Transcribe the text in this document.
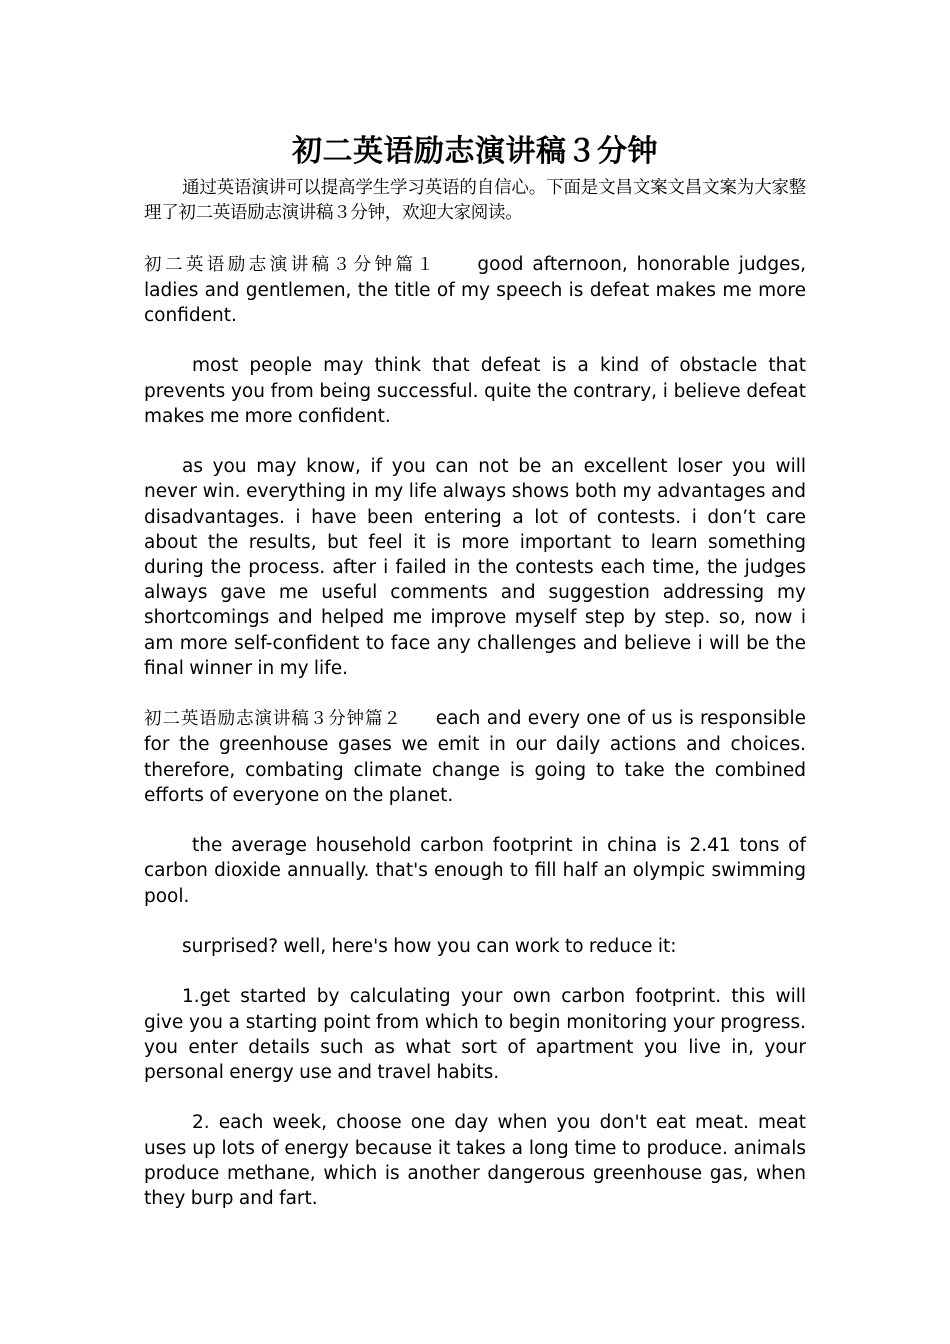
初二英语励志演讲稿３分钟

通过英语演讲可以提高学生学习英语的自信心。下面是文昌文案文昌文案为大家整理了初二英语励志演讲稿３分钟，欢迎大家阅读。

初二英语励志演讲稿３分钟篇１ good afternoon, honorable judges, ladies and gentlemen, the title of my speech is defeat makes me more confident.

most people may think that defeat is a kind of obstacle that prevents you from being successful. quite the contrary, i believe defeat makes me more confident.

as you may know, if you can not be an excellent loser you will never win. everything in my life always shows both my advantages and disadvantages. i have been entering a lot of contests. i don’t care about the results, but feel it is more important to learn something during the process. after i failed in the contests each time, the judges always gave me useful comments and suggestion addressing my shortcomings and helped me improve myself step by step. so, now i am more self-confident to face any challenges and believe i will be the final winner in my life.

初二英语励志演讲稿３分钟篇２ each and every one of us is responsible for the greenhouse gases we emit in our daily actions and choices. therefore, combating climate change is going to take the combined efforts of everyone on the planet.

the average household carbon footprint in china is 2.41 tons of carbon dioxide annually. that's enough to fill half an olympic swimming pool.

surprised? well, here's how you can work to reduce it:

1.get started by calculating your own carbon footprint. this will give you a starting point from which to begin monitoring your progress. you enter details such as what sort of apartment you live in, your personal energy use and travel habits.

2. each week, choose one day when you don't eat meat. meat uses up lots of energy because it takes a long time to produce. animals produce methane, which is another dangerous greenhouse gas, when they burp and fart.
